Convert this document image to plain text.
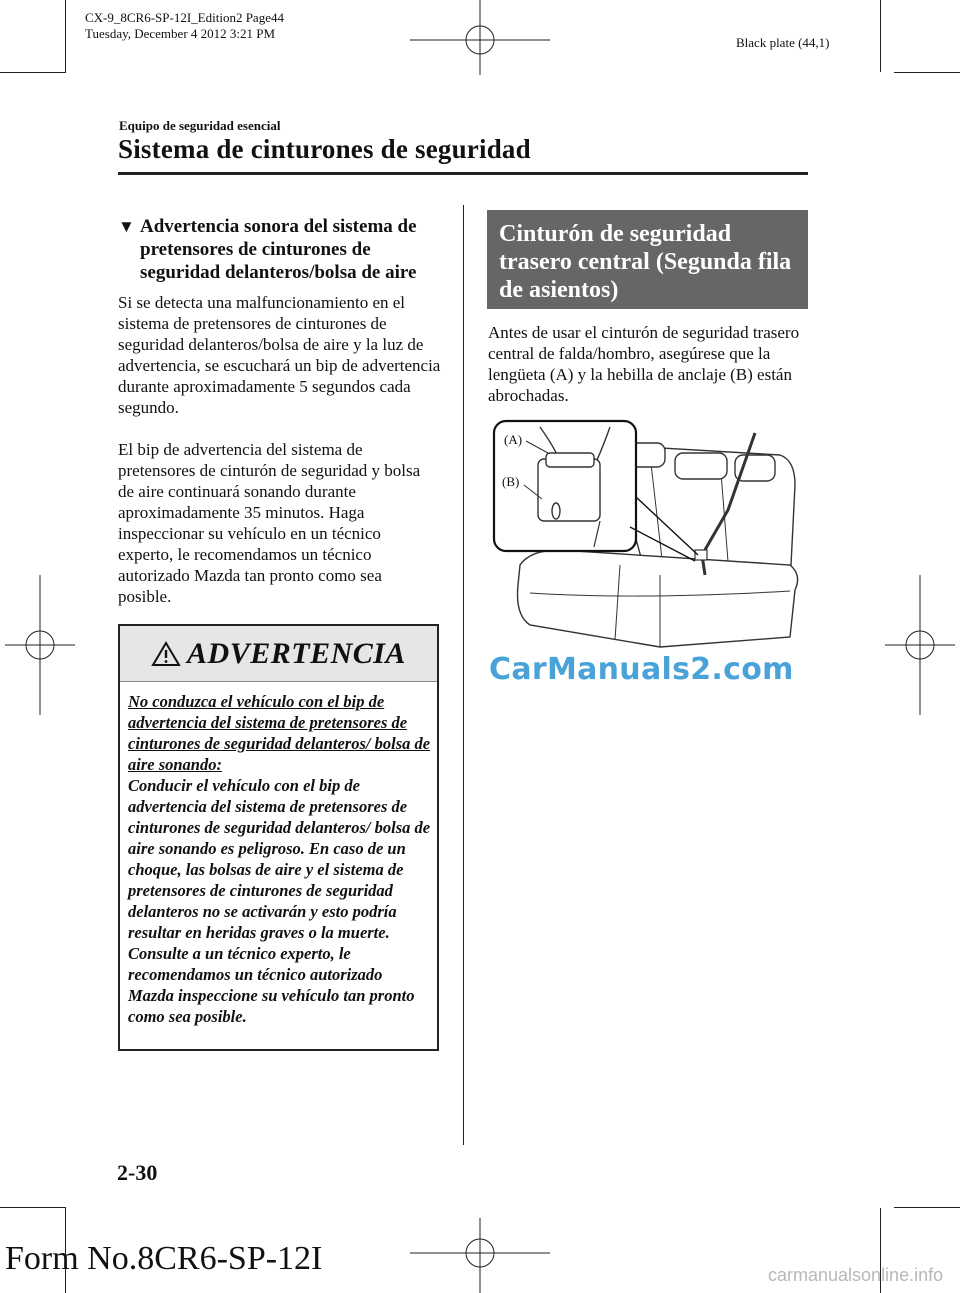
CX-9_8CR6-SP-12I_Edition2 Page44
Tuesday, December 4 2012 3:21 PM
Black plate (44,1)
Equipo de seguridad esencial
Sistema de cinturones de seguridad
▼ Advertencia sonora del sistema de pretensores de cinturones de seguridad delanteros/bolsa de aire
Si se detecta una malfuncionamiento en el sistema de pretensores de cinturones de seguridad delanteros/bolsa de aire y la luz de advertencia, se escuchará un bip de advertencia durante aproximadamente 5 segundos cada segundo.
El bip de advertencia del sistema de pretensores de cinturón de seguridad y bolsa de aire continuará sonando durante aproximadamente 35 minutos. Haga inspeccionar su vehículo en un técnico experto, le recomendamos un técnico autorizado Mazda tan pronto como sea posible.
ADVERTENCIA
No conduzca el vehículo con el bip de advertencia del sistema de pretensores de cinturones de seguridad delanteros/ bolsa de aire sonando:
Conducir el vehículo con el bip de advertencia del sistema de pretensores de cinturones de seguridad delanteros/ bolsa de aire sonando es peligroso. En caso de un choque, las bolsas de aire y el sistema de pretensores de cinturones de seguridad delanteros no se activarán y esto podría resultar en heridas graves o la muerte. Consulte a un técnico experto, le recomendamos un técnico autorizado Mazda inspeccione su vehículo tan pronto como sea posible.
Cinturón de seguridad trasero central (Segunda fila de asientos)
Antes de usar el cinturón de seguridad trasero central de falda/hombro, asegúrese que la lengüeta (A) y la hebilla de anclaje (B) están abrochadas.
(A)
(B)
CarManuals2.com
2-30
Form No.8CR6-SP-12I	carmanualsonline.info
